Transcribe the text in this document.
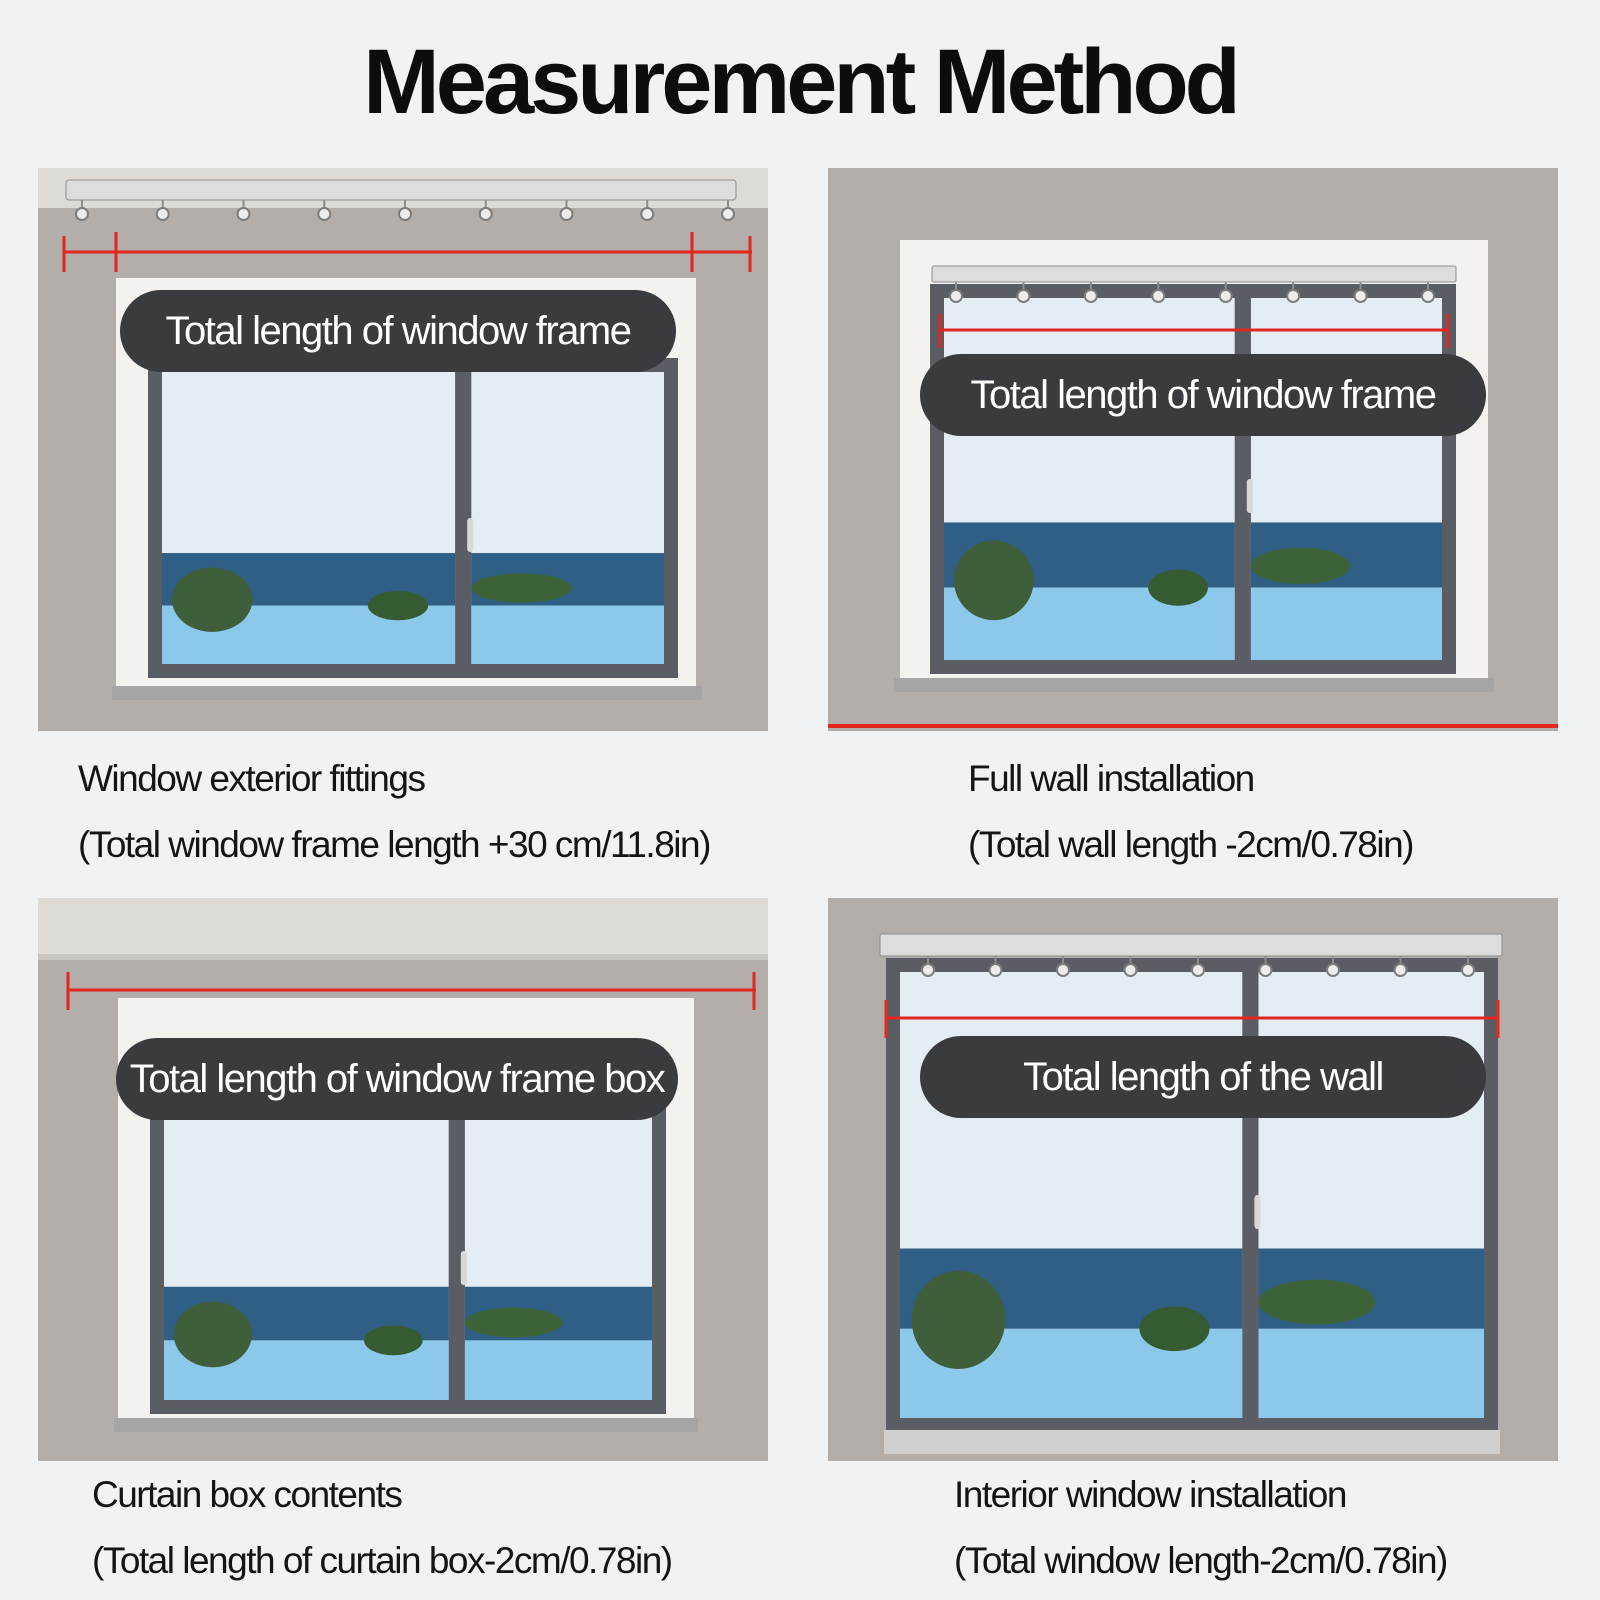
Measurement Method
Total length of window frame
Window exterior fittings
(Total window frame length +30 cm/11.8in)
Total length of window frame
Full wall installation
(Total wall length -2cm/0.78in)
Total length of window frame box
Curtain box contents
(Total length of curtain box-2cm/0.78in)
Total length of the wall
Interior window installation
(Total window length-2cm/0.78in)
